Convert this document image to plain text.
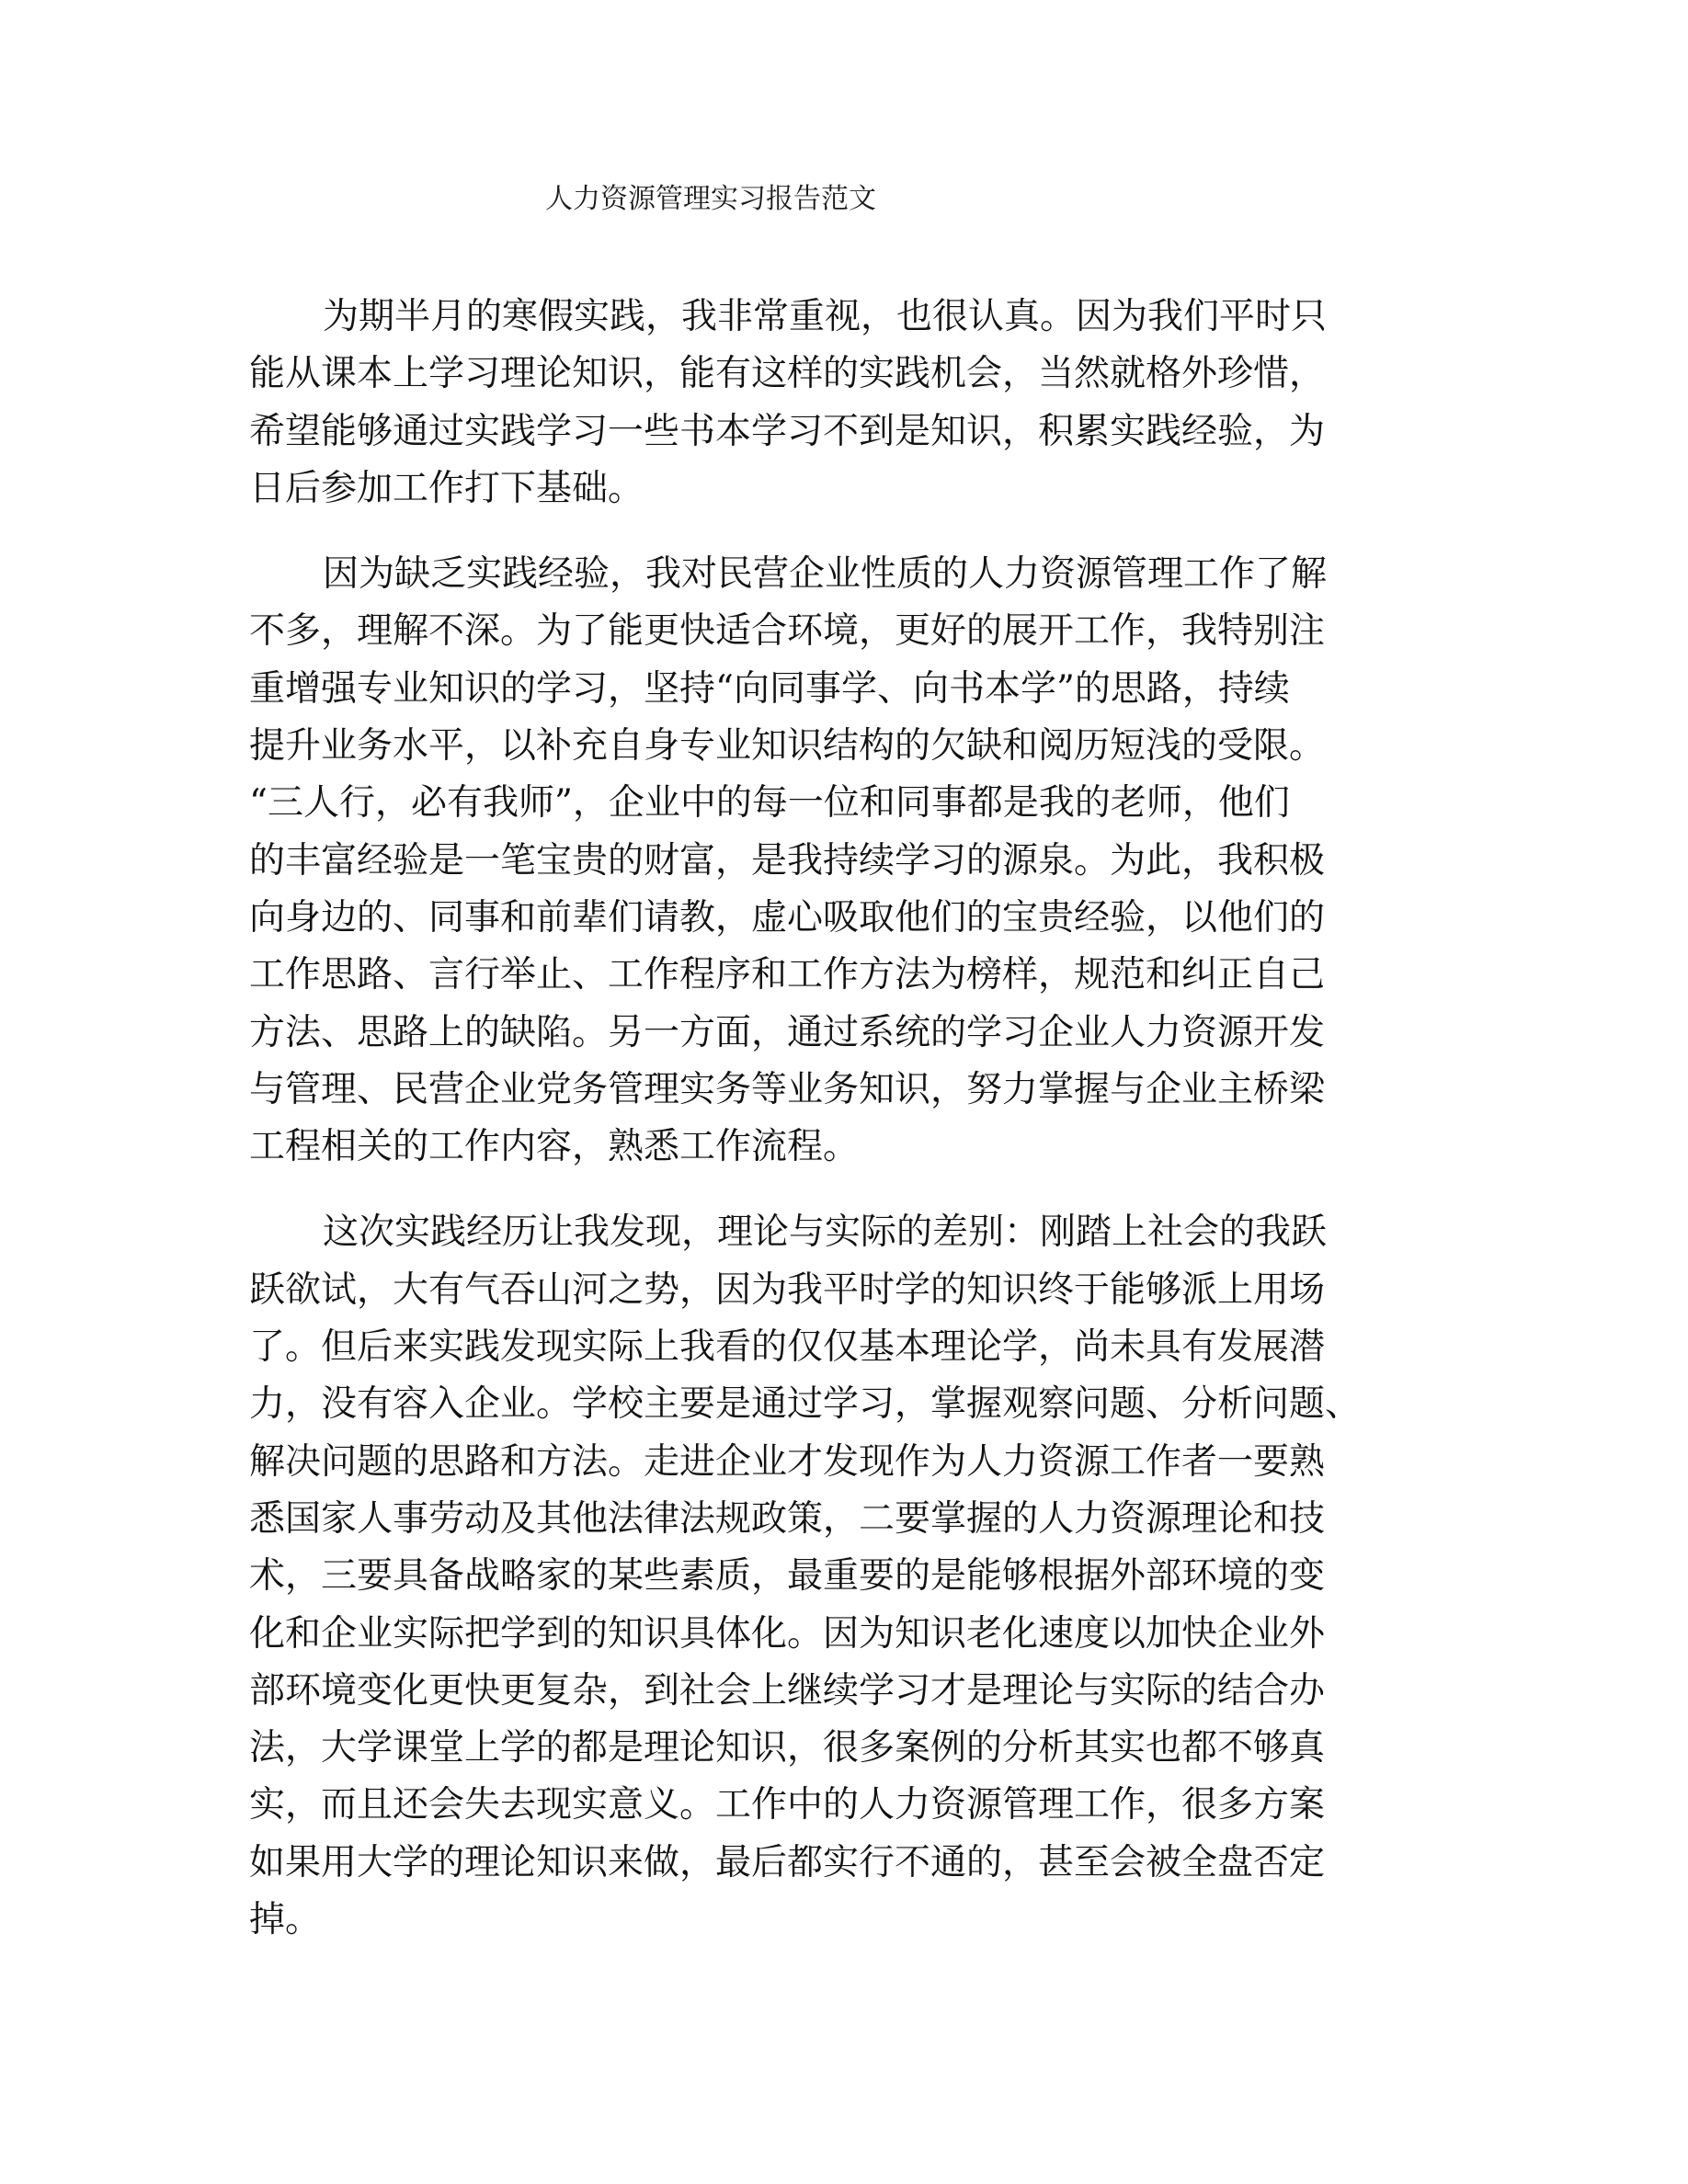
人力资源管理实习报告范文

为期半月的寒假实践，我非常重视，也很认真。因为我们平时只
能从课本上学习理论知识，能有这样的实践机会，当然就格外珍惜，
希望能够通过实践学习一些书本学习不到是知识，积累实践经验，为
日后参加工作打下基础。

因为缺乏实践经验，我对民营企业性质的人力资源管理工作了解
不多，理解不深。为了能更快适合环境，更好的展开工作，我特别注
重增强专业知识的学习，坚持“向同事学、向书本学”的思路，持续
提升业务水平，以补充自身专业知识结构的欠缺和阅历短浅的受限。
“三人行，必有我师”，企业中的每一位和同事都是我的老师，他们
的丰富经验是一笔宝贵的财富，是我持续学习的源泉。为此，我积极
向身边的、同事和前辈们请教，虚心吸取他们的宝贵经验，以他们的
工作思路、言行举止、工作程序和工作方法为榜样，规范和纠正自己
方法、思路上的缺陷。另一方面，通过系统的学习企业人力资源开发
与管理、民营企业党务管理实务等业务知识，努力掌握与企业主桥梁
工程相关的工作内容，熟悉工作流程。

这次实践经历让我发现，理论与实际的差别：刚踏上社会的我跃
跃欲试，大有气吞山河之势，因为我平时学的知识终于能够派上用场
了。但后来实践发现实际上我看的仅仅基本理论学，尚未具有发展潜
力，没有容入企业。学校主要是通过学习，掌握观察问题、分析问题、
解决问题的思路和方法。走进企业才发现作为人力资源工作者一要熟
悉国家人事劳动及其他法律法规政策，二要掌握的人力资源理论和技
术，三要具备战略家的某些素质，最重要的是能够根据外部环境的变
化和企业实际把学到的知识具体化。因为知识老化速度以加快企业外
部环境变化更快更复杂，到社会上继续学习才是理论与实际的结合办
法，大学课堂上学的都是理论知识，很多案例的分析其实也都不够真
实，而且还会失去现实意义。工作中的人力资源管理工作，很多方案
如果用大学的理论知识来做，最后都实行不通的，甚至会被全盘否定
掉。
